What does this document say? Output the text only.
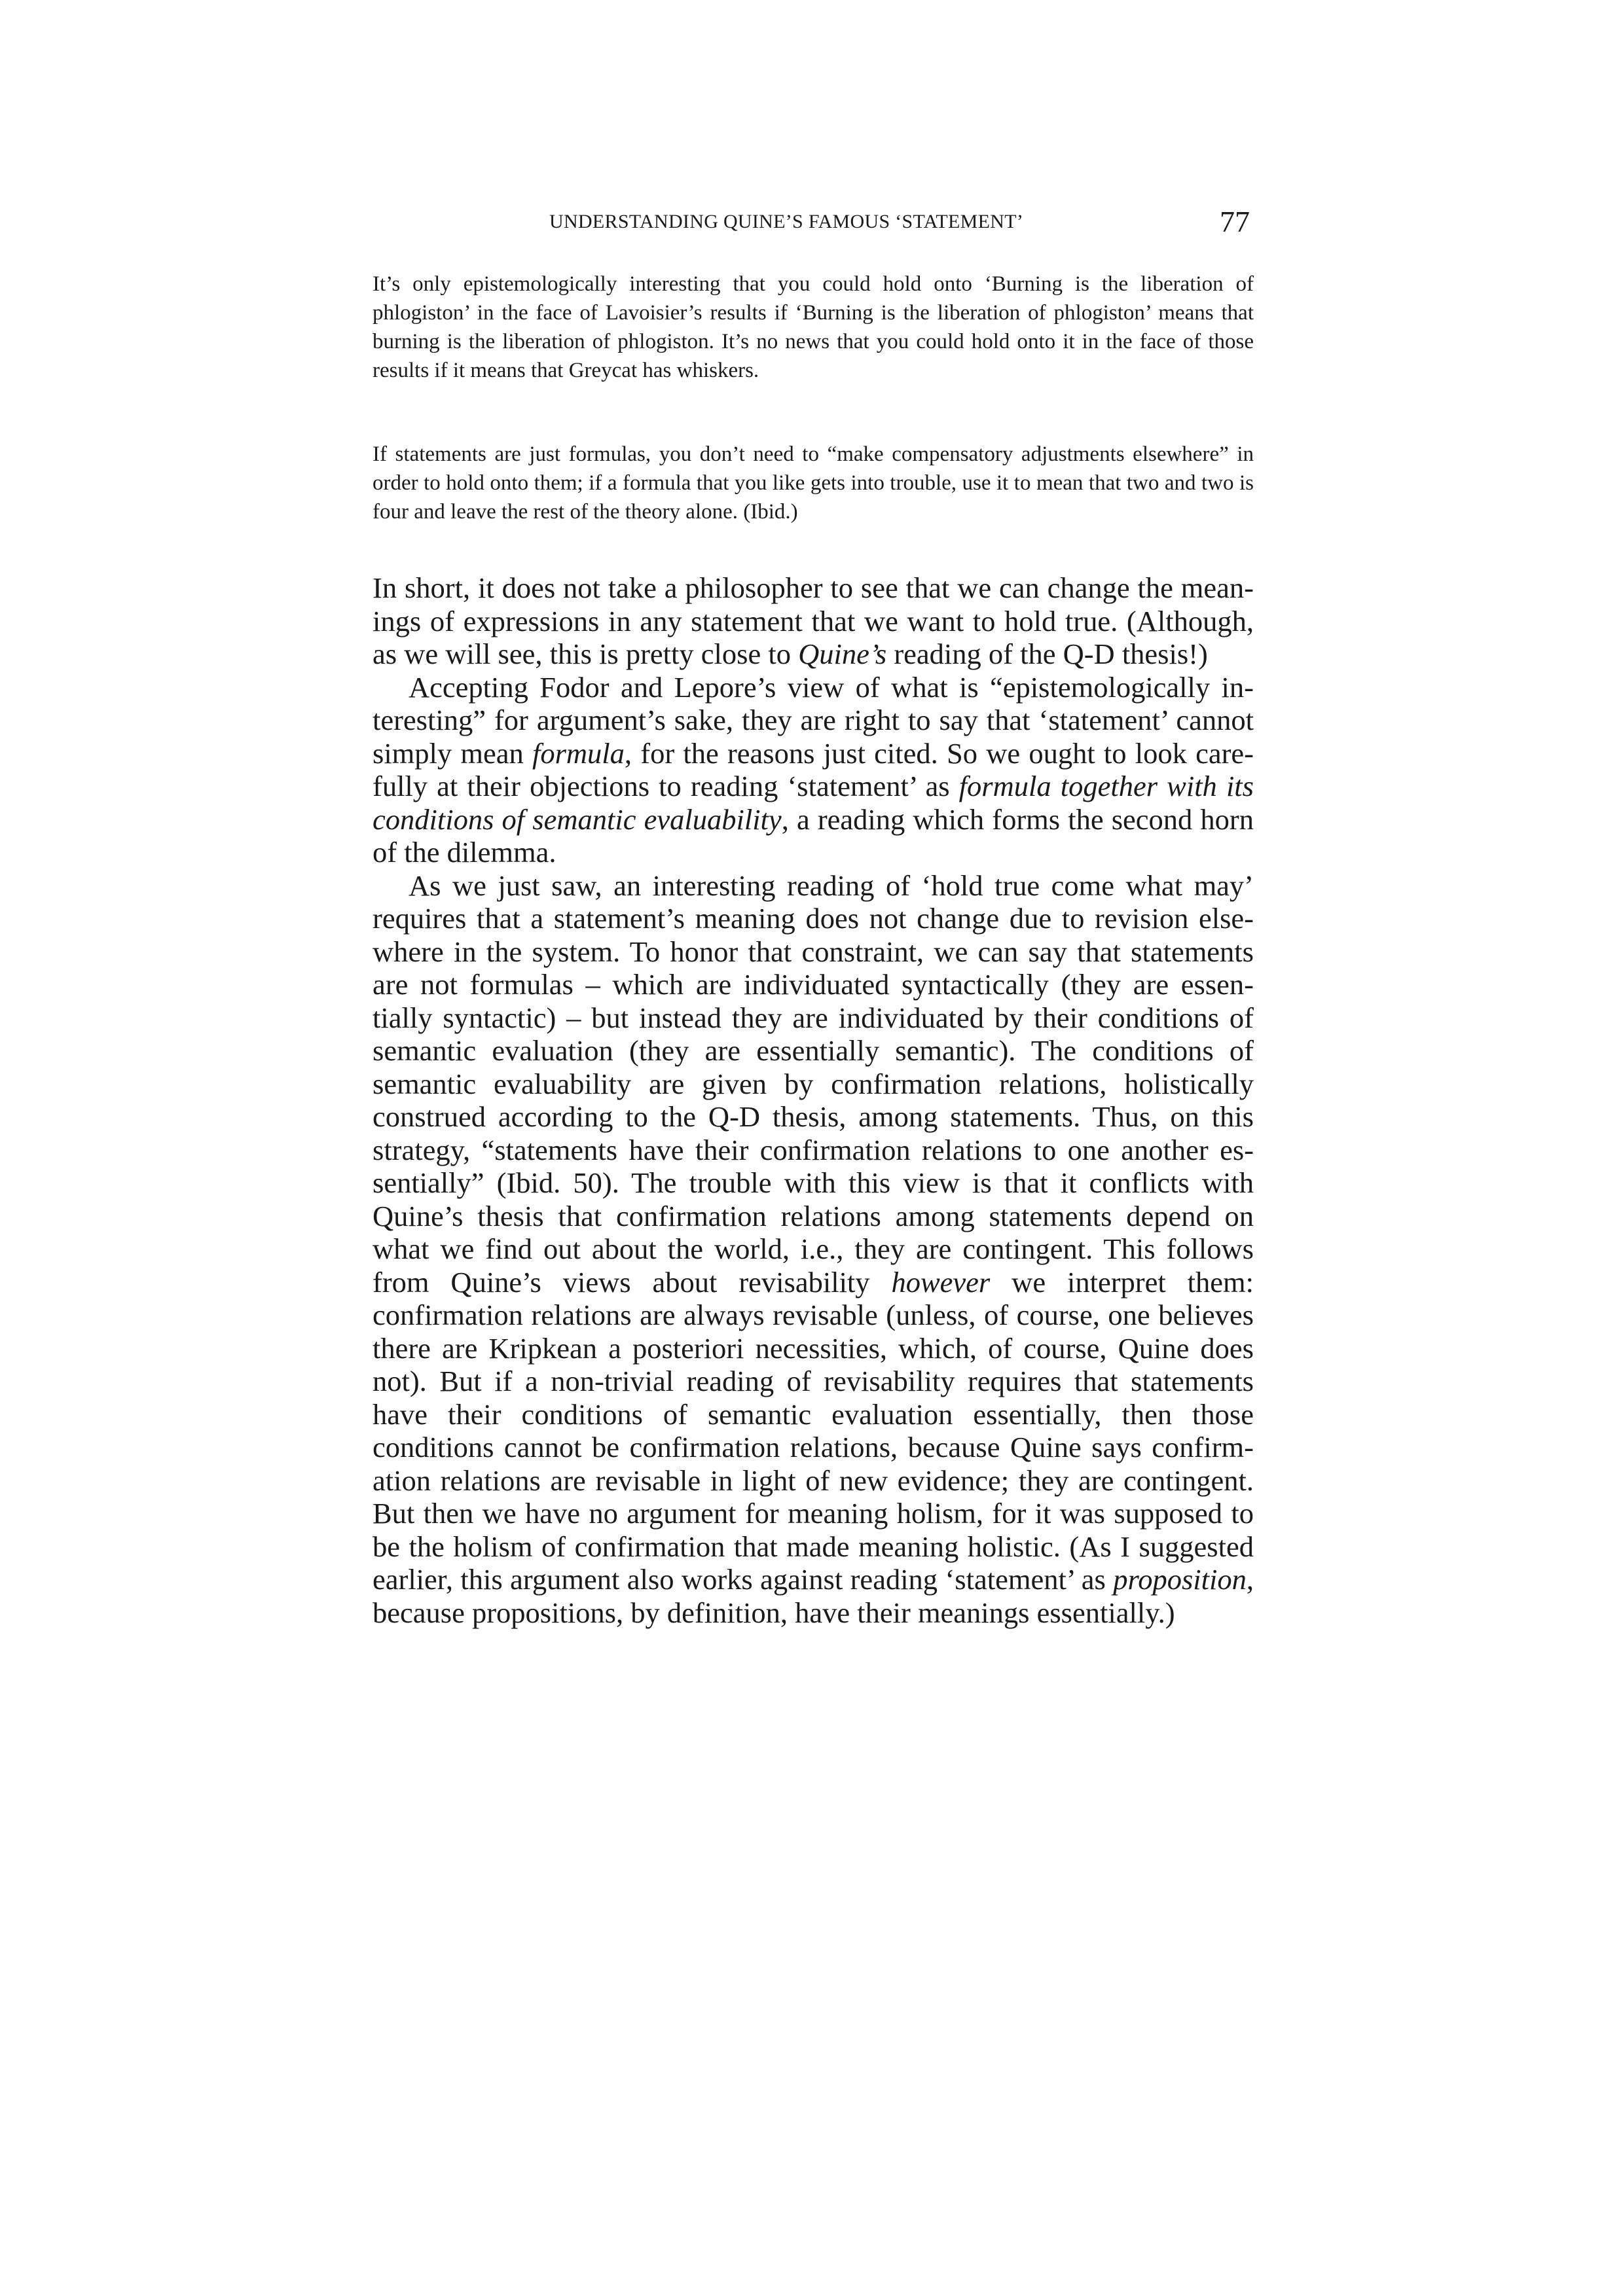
UNDERSTANDING QUINE’S FAMOUS ‘STATEMENT’	77

It’s only epistemologically interesting that you could hold onto ‘Burning is the liberation of phlogiston’ in the face of Lavoisier’s results if ‘Burning is the liberation of phlogiston’ means that burning is the liberation of phlogiston. It’s no news that you could hold onto it in the face of those results if it means that Greycat has whiskers.

If statements are just formulas, you don’t need to “make compensatory adjustments elsewhere” in order to hold onto them; if a formula that you like gets into trouble, use it to mean that two and two is four and leave the rest of the theory alone. (Ibid.)

In short, it does not take a philosopher to see that we can change the meanings of expressions in any statement that we want to hold true. (Although, as we will see, this is pretty close to Quine’s reading of the Q-D thesis!)

Accepting Fodor and Lepore’s view of what is “epistemologically interesting” for argument’s sake, they are right to say that ‘statement’ cannot simply mean formula, for the reasons just cited. So we ought to look carefully at their objections to reading ‘statement’ as formula together with its conditions of semantic evaluability, a reading which forms the second horn of the dilemma.

As we just saw, an interesting reading of ‘hold true come what may’ requires that a statement’s meaning does not change due to revision elsewhere in the system. To honor that constraint, we can say that statements are not formulas – which are individuated syntactically (they are essentially syntactic) – but instead they are individuated by their conditions of semantic evaluation (they are essentially semantic). The conditions of semantic evaluability are given by confirmation relations, holistically construed according to the Q-D thesis, among statements. Thus, on this strategy, “statements have their confirmation relations to one another essentially” (Ibid. 50). The trouble with this view is that it conflicts with Quine’s thesis that confirmation relations among statements depend on what we find out about the world, i.e., they are contingent. This follows from Quine’s views about revisability however we interpret them: confirmation relations are always revisable (unless, of course, one believes there are Kripkean a posteriori necessities, which, of course, Quine does not). But if a non-trivial reading of revisability requires that statements have their conditions of semantic evaluation essentially, then those conditions cannot be confirmation relations, because Quine says confirmation relations are revisable in light of new evidence; they are contingent. But then we have no argument for meaning holism, for it was supposed to be the holism of confirmation that made meaning holistic. (As I suggested earlier, this argument also works against reading ‘statement’ as proposition, because propositions, by definition, have their meanings essentially.)
